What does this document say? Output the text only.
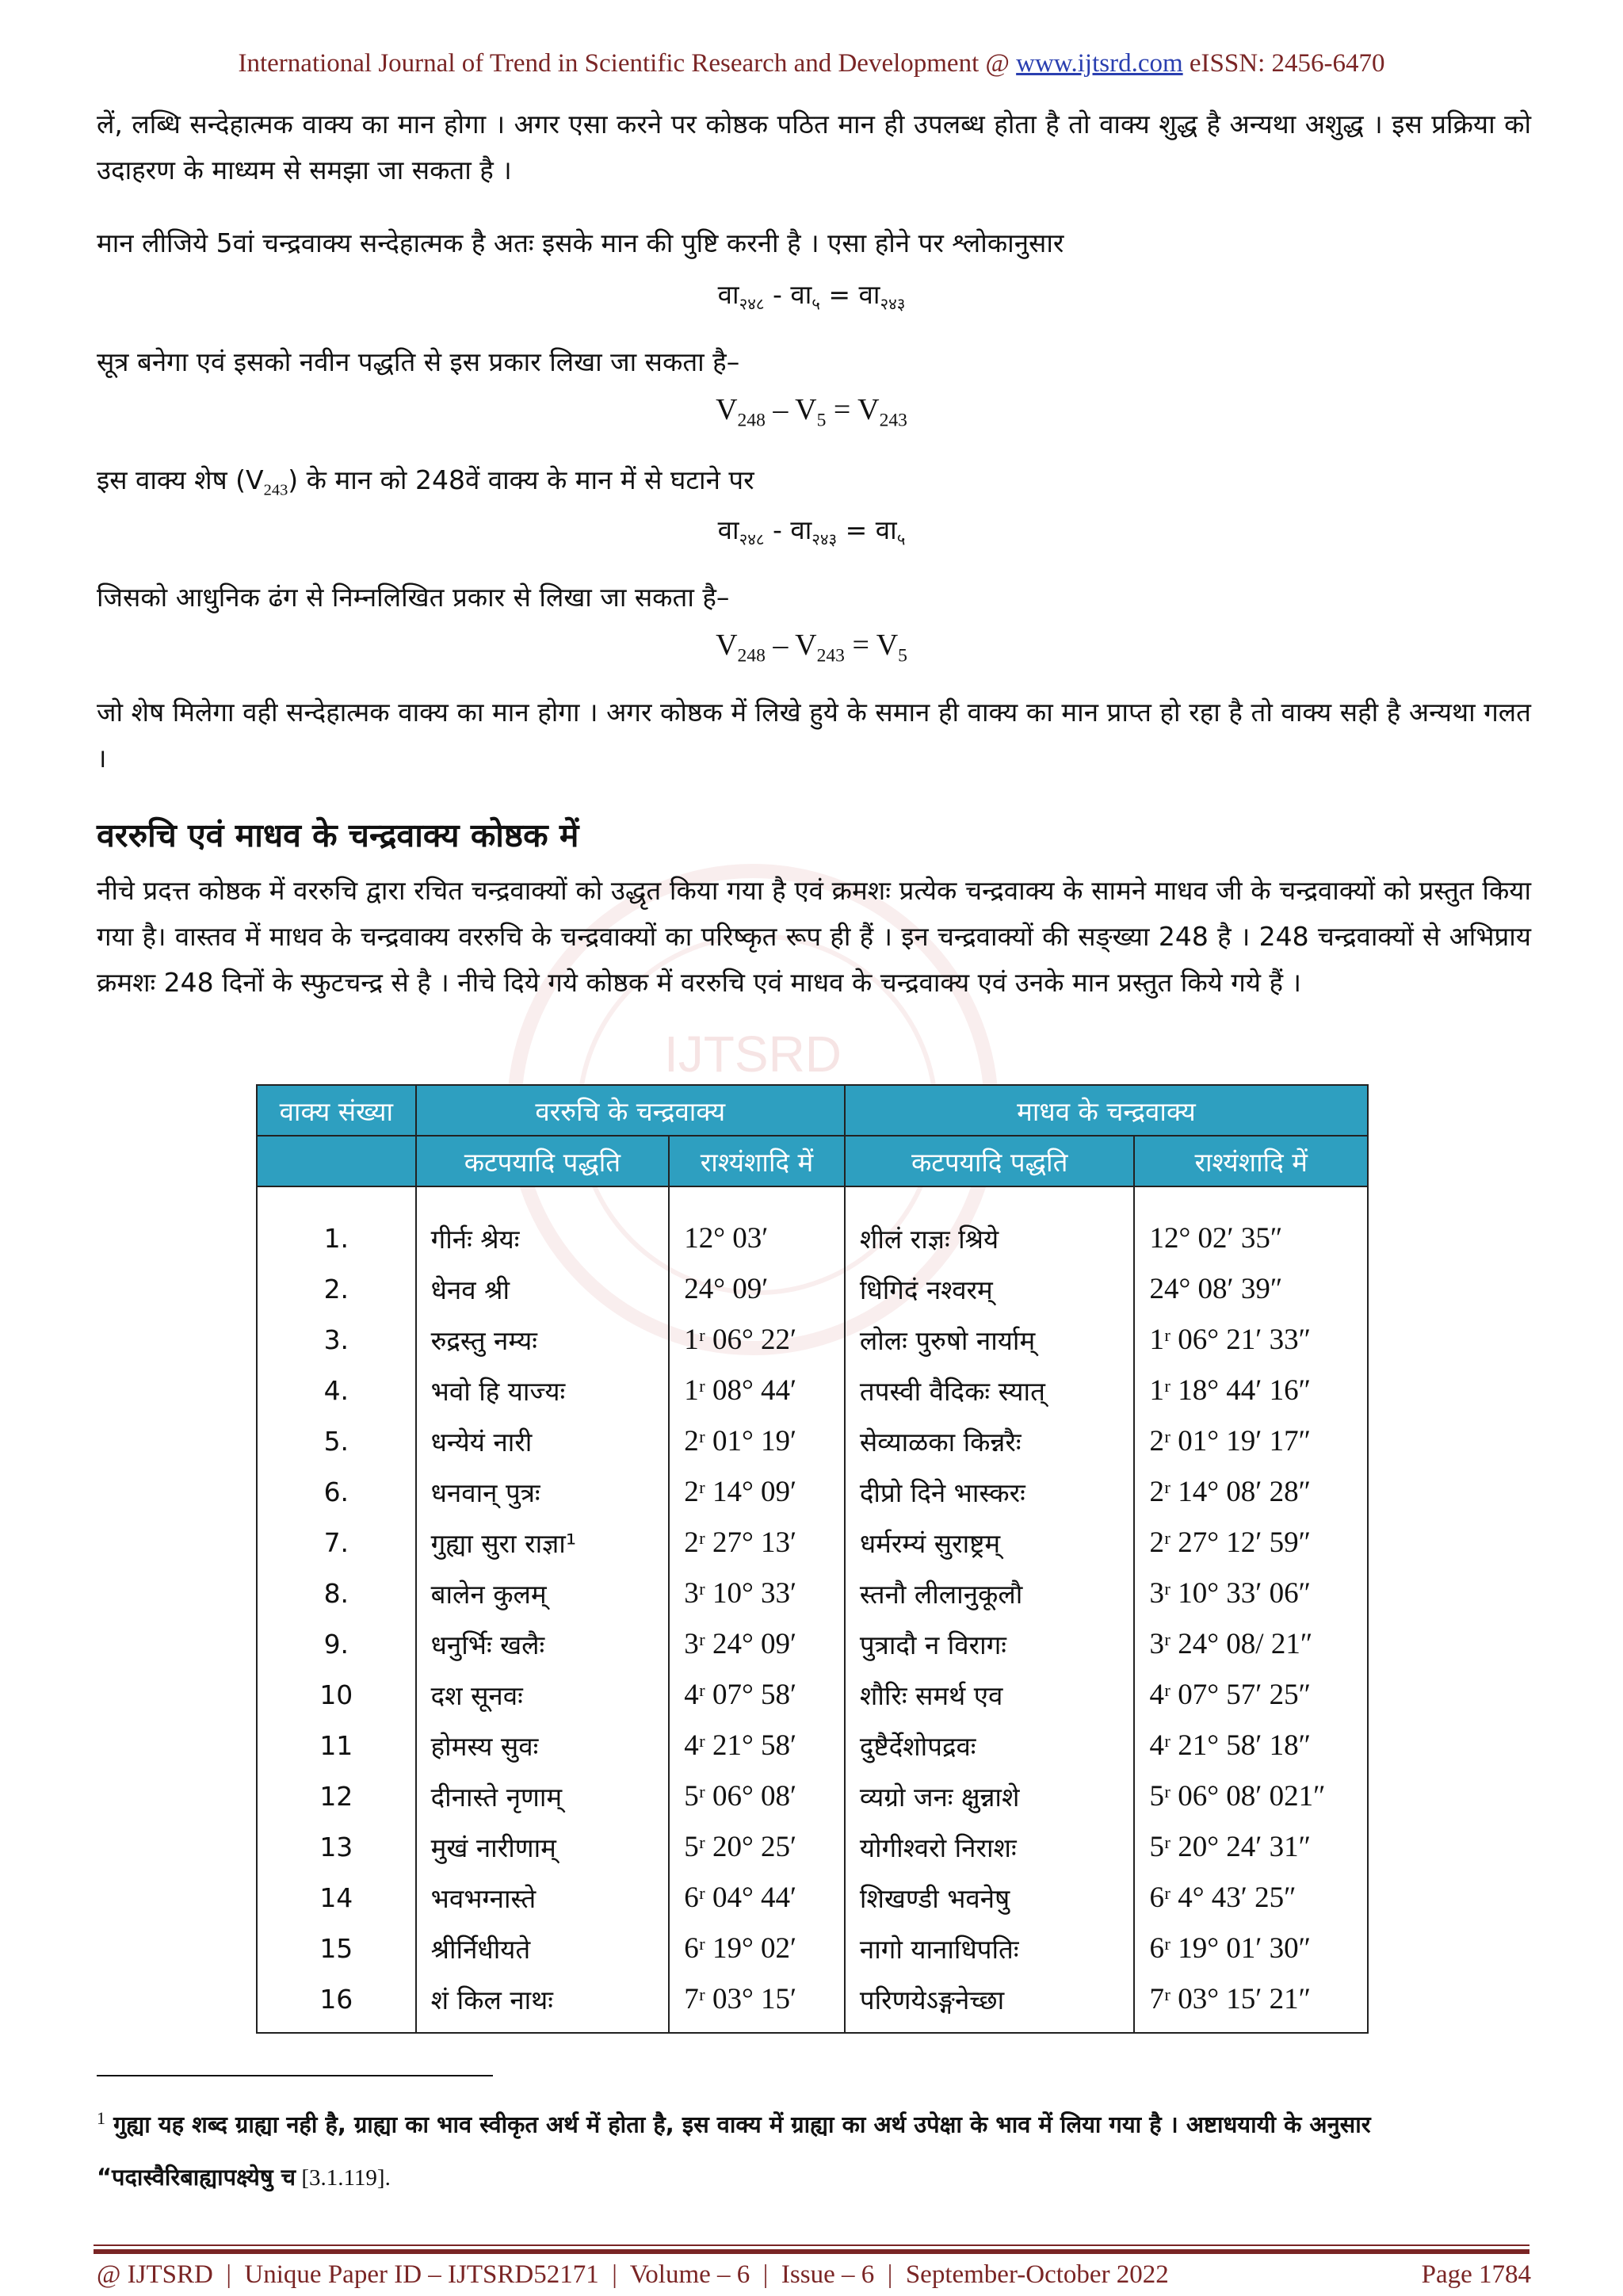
International Journal of Trend in Scientific Research and Development @ www.ijtsrd.com eISSN: 2456-6470
लें, लब्धि सन्देहात्मक वाक्य का मान होगा । अगर एसा करने पर कोष्ठक पठित मान ही उपलब्ध होता है तो वाक्य शुद्ध है अन्यथा अशुद्ध । इस प्रक्रिया को उदाहरण के माध्यम से समझा जा सकता है ।
मान लीजिये 5वां चन्द्रवाक्य सन्देहात्मक है अतः इसके मान की पुष्टि करनी है । एसा होने पर श्लोकानुसार
$वा_{२४८}$ - $वा_५$ = $वा_{२४३}$
सूत्र बनेगा एवं इसको नवीन पद्धति से इस प्रकार लिखा जा सकता है–
$V_{248} - V_5 = V_{243}$
इस वाक्य शेष $(V_{243})$ के मान को 248वें वाक्य के मान में से घटाने पर
$वा_{२४८}$ - $वा_{२४३}$ = $वा_५$
जिसको आधुनिक ढंग से निम्नलिखित प्रकार से लिखा जा सकता है–
$V_{248} - V_{243} = V_5$
जो शेष मिलेगा वही सन्देहात्मक वाक्य का मान होगा । अगर कोष्ठक में लिखे हुये के समान ही वाक्य का मान प्राप्त हो रहा है तो वाक्य सही है अन्यथा गलत ।
वररुचि एवं माधव के चन्द्रवाक्य कोष्ठक में
IJTSRD
नीचे प्रदत्त कोष्ठक में वररुचि द्वारा रचित चन्द्रवाक्यों को उद्धृत किया गया है एवं क्रमशः प्रत्येक चन्द्रवाक्य के सामने माधव जी के चन्द्रवाक्यों को प्रस्तुत किया गया है। वास्तव में माधव के चन्द्रवाक्य वररुचि के चन्द्रवाक्यों का परिष्कृत रूप ही हैं । इन चन्द्रवाक्यों की सङ्ख्या 248 है । 248 चन्द्रवाक्यों से अभिप्राय क्रमशः 248 दिनों के स्फुटचन्द्र से है । नीचे दिये गये कोष्ठक में वररुचि एवं माधव के चन्द्रवाक्य एवं उनके मान प्रस्तुत किये गये हैं ।
वाक्य संख्या	वररुचि के चन्द्रवाक्य		माधव के चन्द्रवाक्य	
	कटपयादि पद्धति	राश्यंशादि में	कटपयादि पद्धति	राश्यंशादि में
1.	गीर्नः श्रेयः	12° 03′	शीलं राज्ञः श्रिये	12° 02′ 35″
2.	धेनव श्री	24° 09′	धिगिदं नश्वरम्	24° 08′ 39″
3.	रुद्रस्तु नम्यः	1ʳ 06° 22′	लोलः पुरुषो नार्याम्	1ʳ 06° 21′ 33″
4.	भवो हि याज्यः	1ʳ 08° 44′	तपस्वी वैदिकः स्यात्	1ʳ 18° 44′ 16″
5.	धन्येयं नारी	2ʳ 01° 19′	सेव्याळका किन्नरैः	2ʳ 01° 19′ 17″
6.	धनवान् पुत्रः	2ʳ 14° 09′	दीप्रो दिने भास्करः	2ʳ 14° 08′ 28″
7.	गुह्या सुरा राज्ञा¹	2ʳ 27° 13′	धर्मरम्यं सुराष्ट्रम्	2ʳ 27° 12′ 59″
8.	बालेन कुलम्	3ʳ 10° 33′	स्तनौ लीलानुकूलौ	3ʳ 10° 33′ 06″
9.	धनुर्भिः खलैः	3ʳ 24° 09′	पुत्रादौ न विरागः	3ʳ 24° 08/ 21″
10	दश सूनवः	4ʳ 07° 58′	शौरिः समर्थ एव	4ʳ 07° 57′ 25″
11	होमस्य सुवः	4ʳ 21° 58′	दुष्टैर्देशोपद्रवः	4ʳ 21° 58′ 18″
12	दीनास्ते नृणाम्	5ʳ 06° 08′	व्यग्रो जनः क्षुन्नाशे	5ʳ 06° 08′ 021″
13	मुखं नारीणाम्	5ʳ 20° 25′	योगीश्वरो निराशः	5ʳ 20° 24′ 31″
14	भवभग्नास्ते	6ʳ 04° 44′	शिखण्डी भवनेषु	6ʳ 4° 43′ 25″
15	श्रीर्निधीयते	6ʳ 19° 02′	नागो यानाधिपतिः	6ʳ 19° 01′ 30″
16	शं किल नाथः	7ʳ 03° 15′	परिणयेऽङ्गनेच्छा	7ʳ 03° 15′ 21″
$^1$ गुह्या यह शब्द ग्राह्या नही है, ग्राह्या का भाव स्वीकृत अर्थ में होता है, इस वाक्य में ग्राह्या का अर्थ उपेक्षा के भाव में लिया गया है । अष्टाधयायी के अनुसार
“पदास्वैरिबाह्यापक्ष्येषु च [3.1.119].
@ IJTSRD  |  Unique Paper ID – IJTSRD52171  |  Volume – 6  |  Issue – 6  |  September-October 2022	Page 1784
